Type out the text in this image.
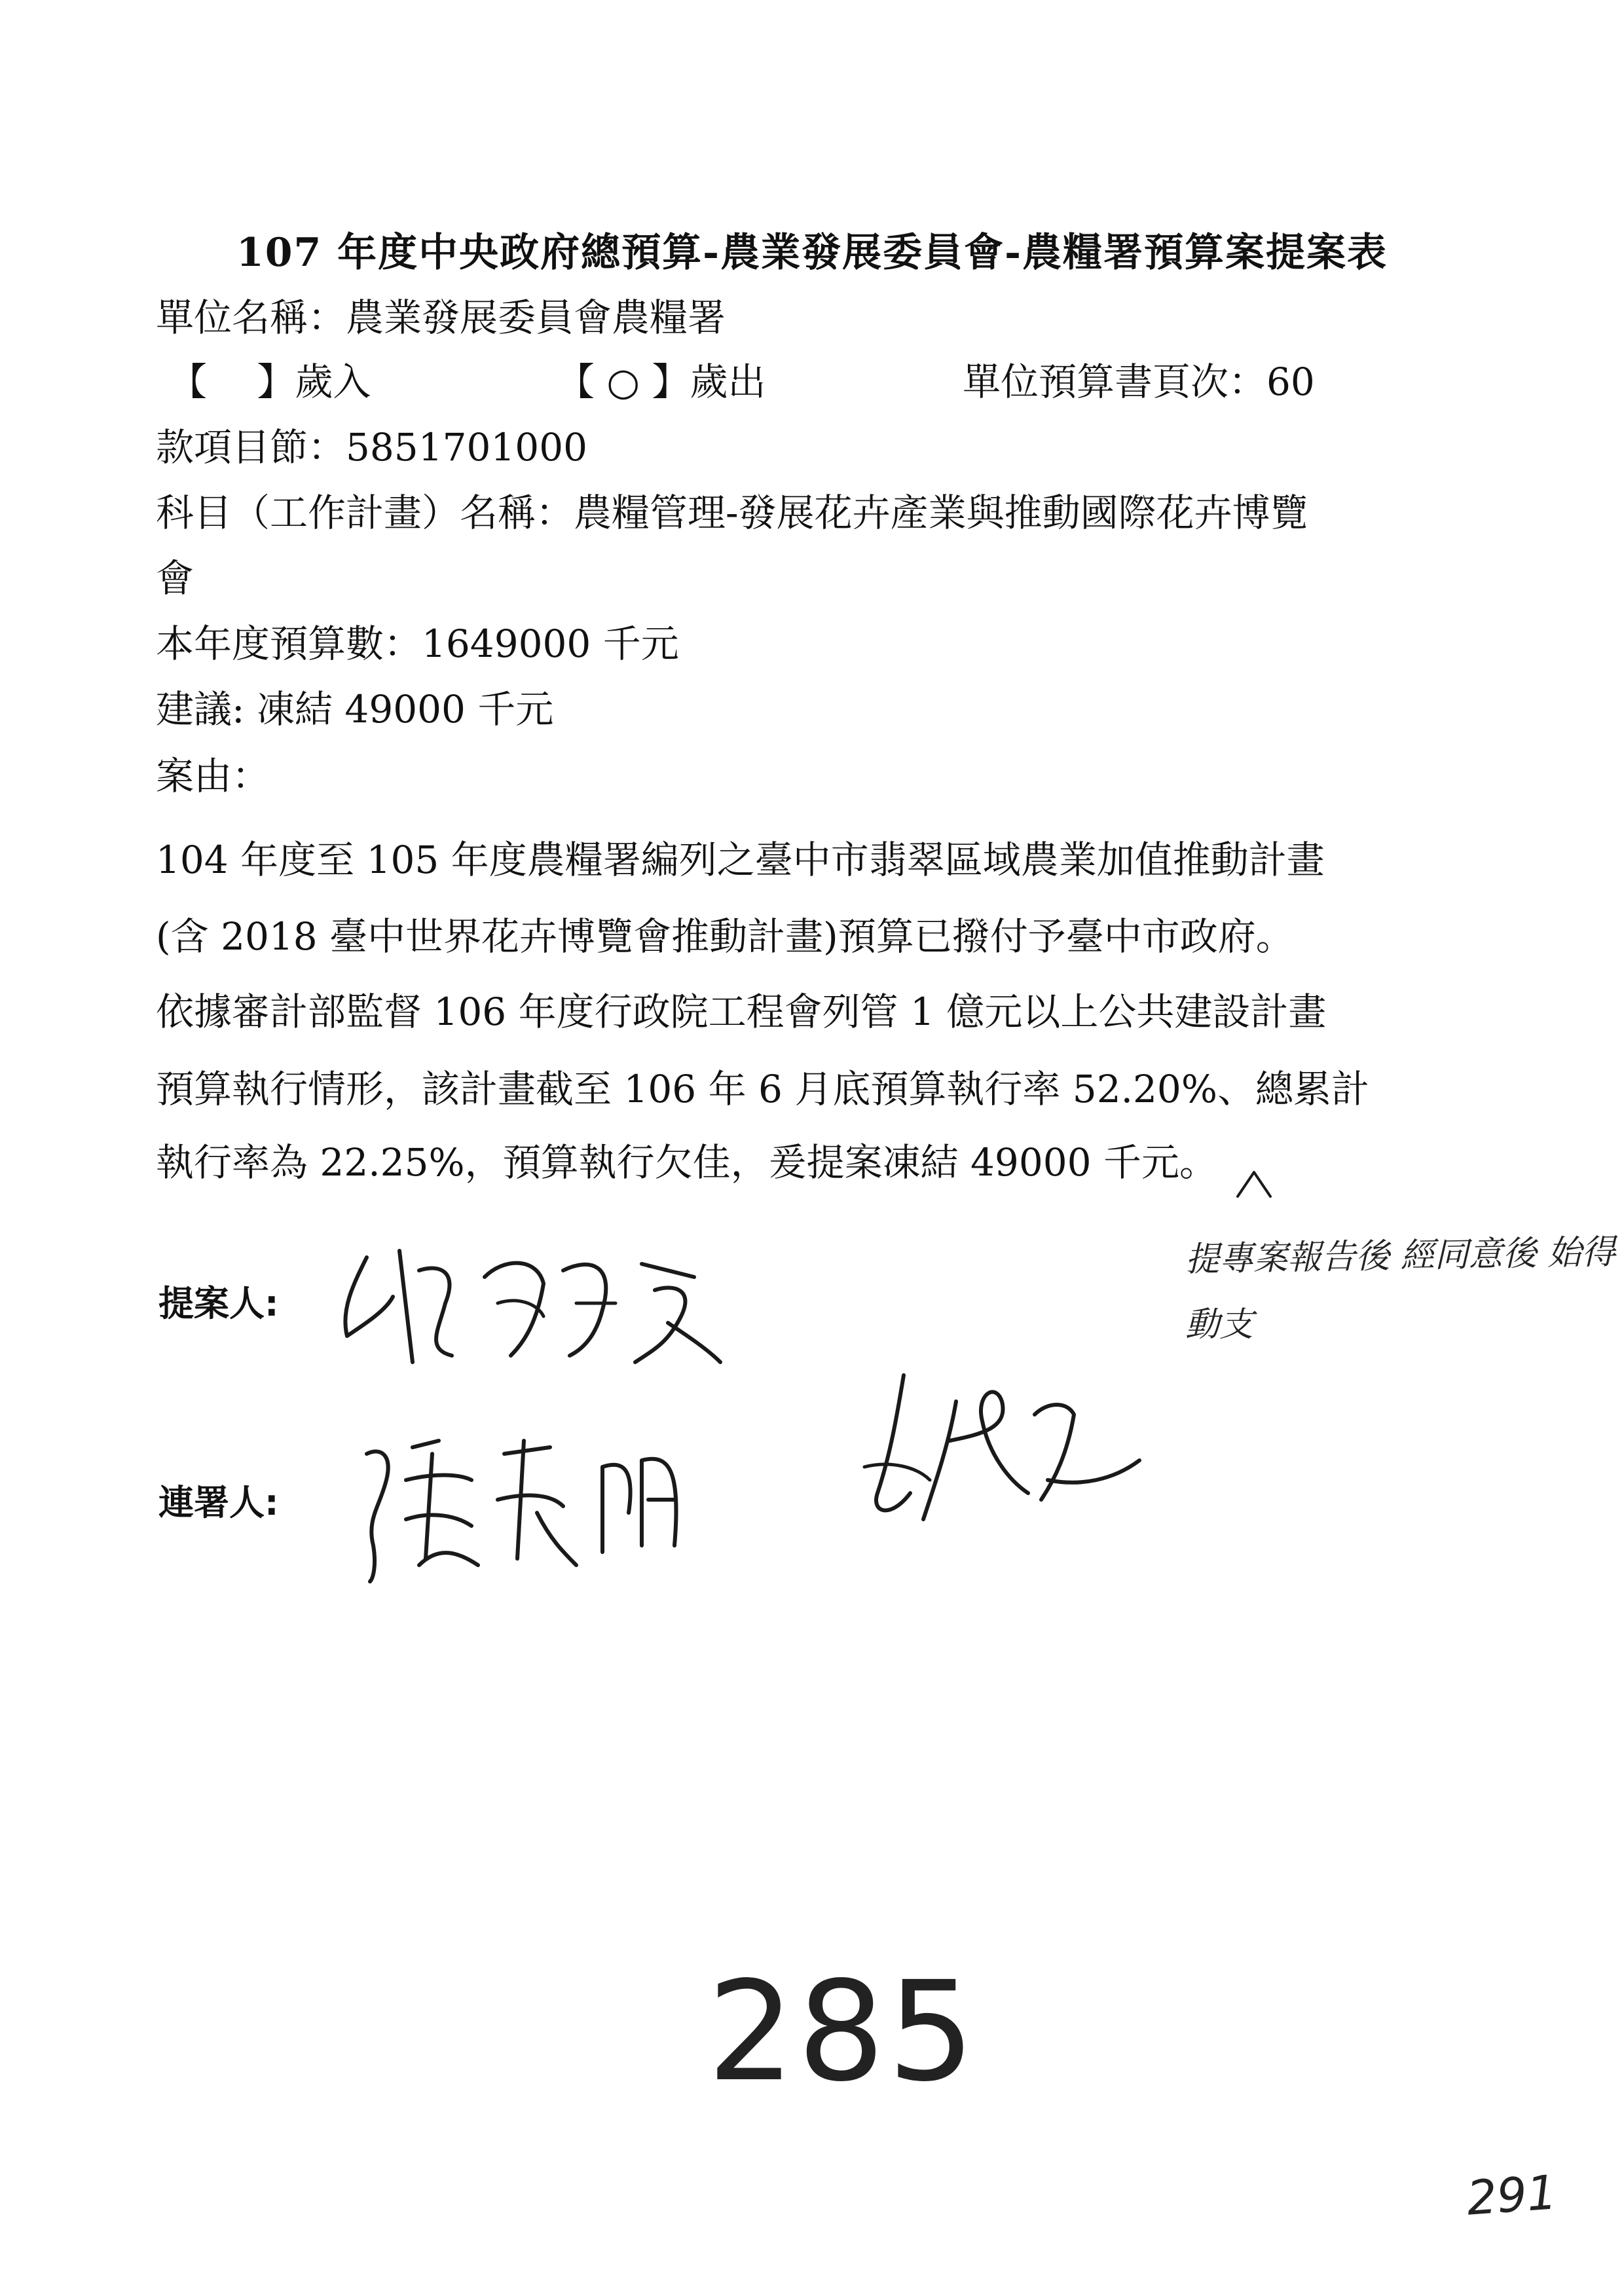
107 年度中央政府總預算-農業發展委員會-農糧署預算案提案表
單位名稱：農業發展委員會農糧署
【　 】歲入	【 ○ 】歲出	單位預算書頁次：60
款項目節：5851701000
科目（工作計畫）名稱：農糧管理-發展花卉產業與推動國際花卉博覽
會
本年度預算數：1649000 千元
建議: 凍結 49000 千元
案由：
104 年度至 105 年度農糧署編列之臺中市翡翠區域農業加值推動計畫
(含 2018 臺中世界花卉博覽會推動計畫)預算已撥付予臺中市政府。
依據審計部監督 106 年度行政院工程會列管 1 億元以上公共建設計畫
預算執行情形，該計畫截至 106 年 6 月底預算執行率 52.20%、總累計
執行率為 22.25%，預算執行欠佳，爰提案凍結 49000 千元。
提專案報告後 經同意後 始得
動支
提案人:
連署人:
285
291
